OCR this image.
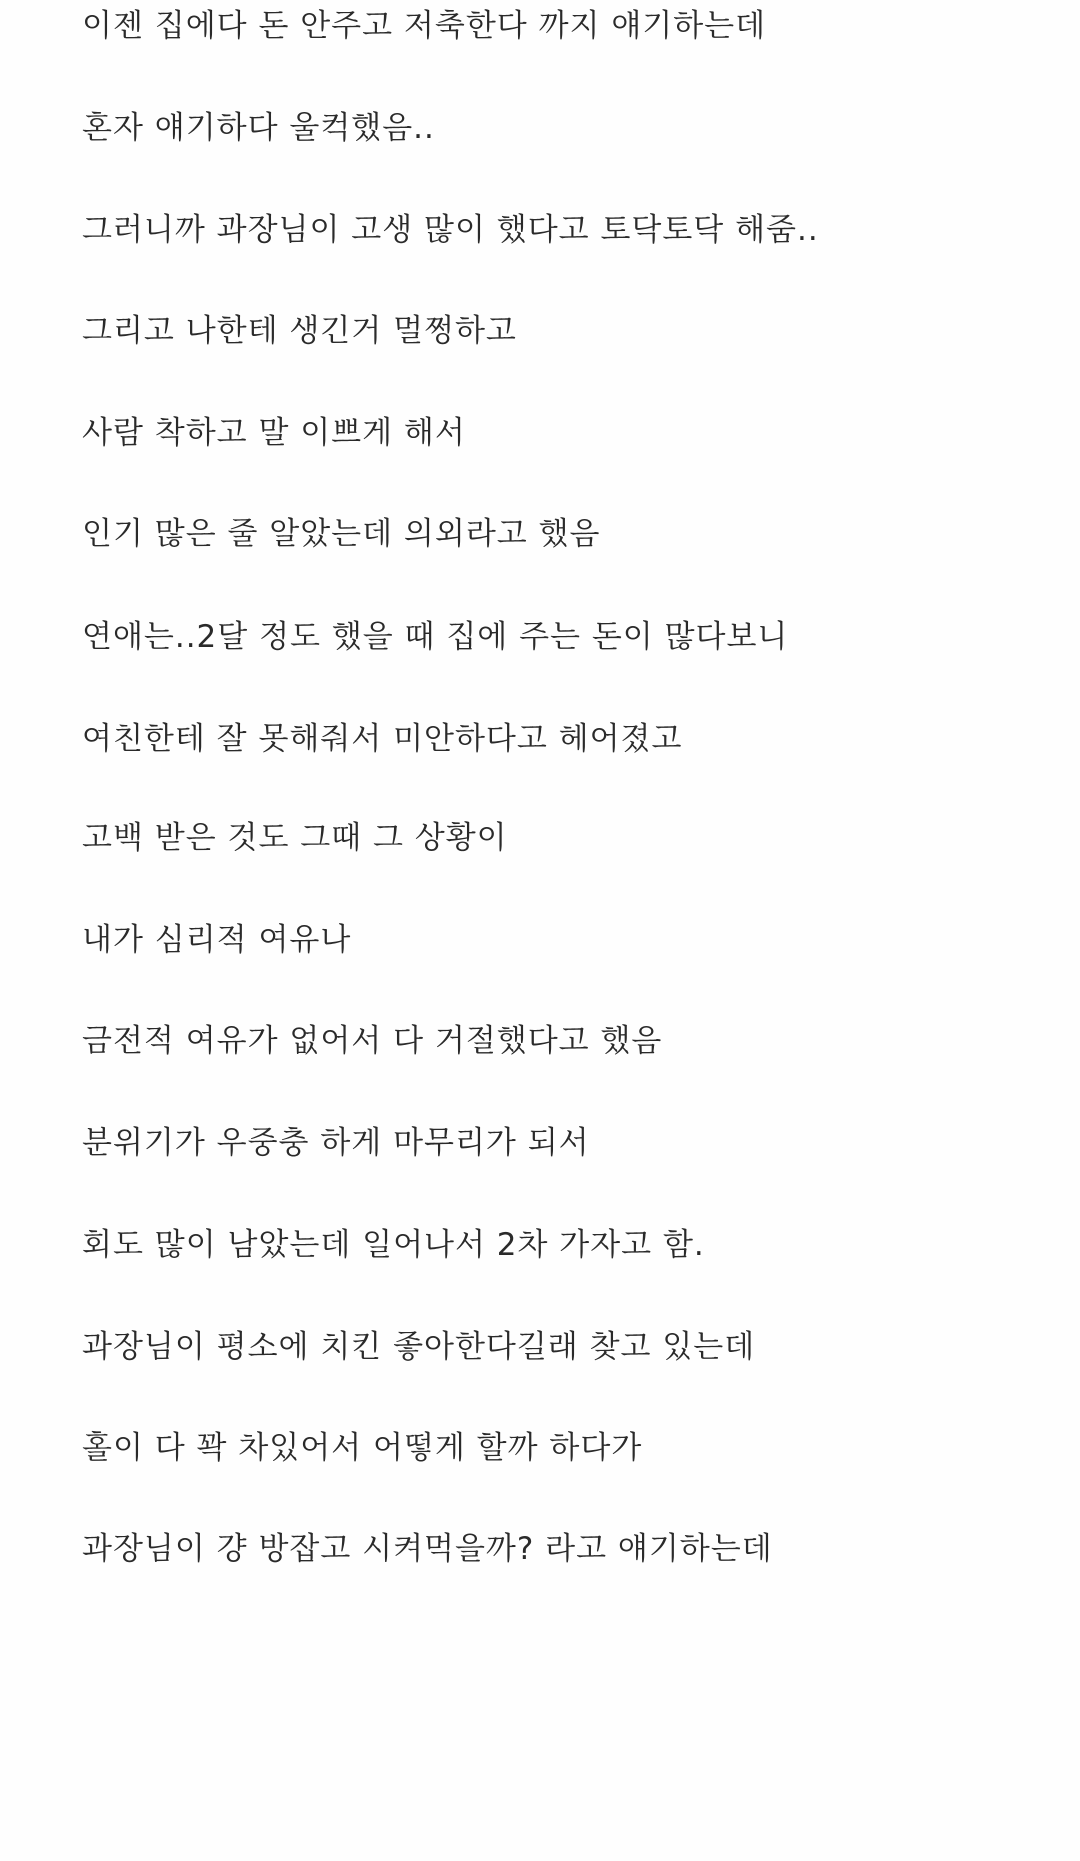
이젠 집에다 돈 안주고 저축한다 까지 얘기하는데

혼자 얘기하다 울컥했음..

그러니까 과장님이 고생 많이 했다고 토닥토닥 해줌..

그리고 나한테 생긴거 멀쩡하고

사람 착하고 말 이쁘게 해서

인기 많은 줄 알았는데 의외라고 했음

연애는..2달 정도 했을 때 집에 주는 돈이 많다보니

여친한테 잘 못해줘서 미안하다고 헤어졌고

고백 받은 것도 그때 그 상황이

내가 심리적 여유나

금전적 여유가 없어서 다 거절했다고 했음

분위기가 우중충 하게 마무리가 되서

회도 많이 남았는데 일어나서 2차 가자고 함.

과장님이 평소에 치킨 좋아한다길래 찾고 있는데

홀이 다 꽉 차있어서 어떻게 할까 하다가

과장님이 걍 방잡고 시켜먹을까? 라고 얘기하는데
